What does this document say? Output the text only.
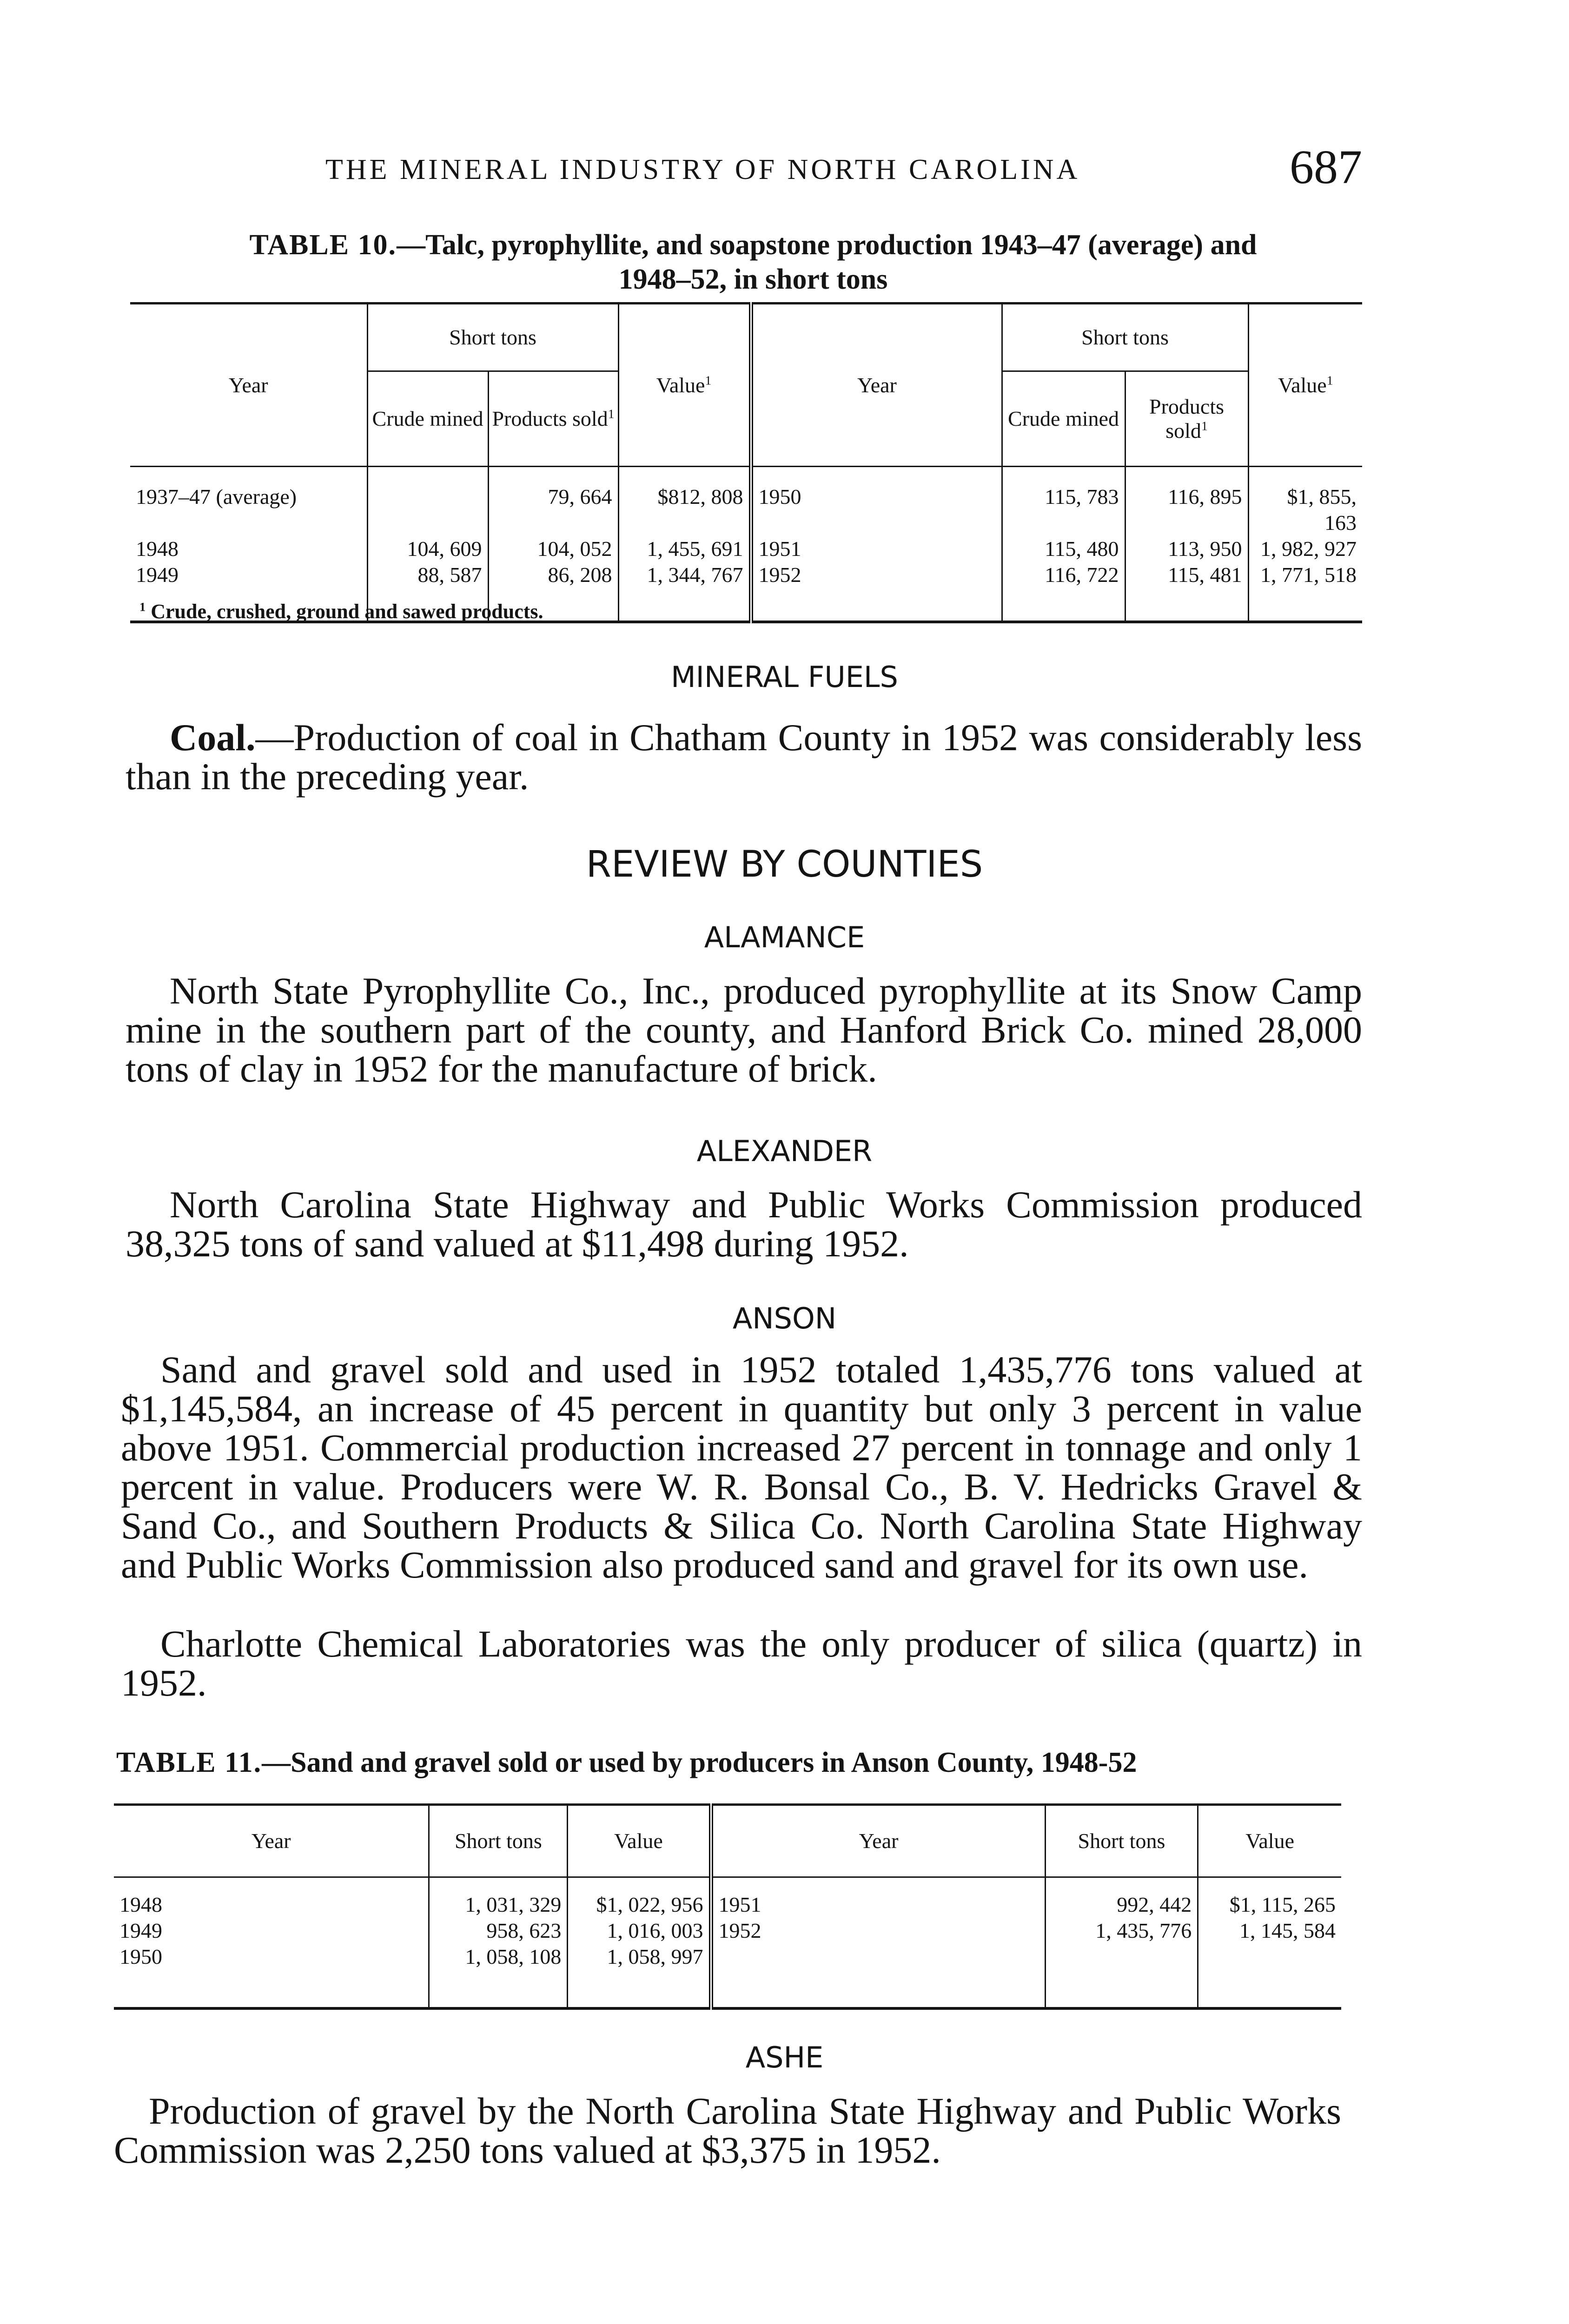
THE MINERAL INDUSTRY OF NORTH CAROLINA	687
TABLE 10.—Talc, pyrophyllite, and soapstone production 1943–47 (average) and
1948–52, in short tons
Year	Short tons		Value$^1$	Year	Short tons		Value$^1$
	Crude mined	Products sold$^1$			Crude mined	Products sold$^1$
1937–47 (average)		79, 664	$812, 808	1950	115, 783	116, 895	$1, 855, 163
1948	104, 609	104, 052	1, 455, 691	1951	115, 480	113, 950	1, 982, 927
1949	88, 587	86, 208	1, 344, 767	1952	116, 722	115, 481	1, 771, 518
$^1$ Crude, crushed, ground and sawed products.
MINERAL FUELS
Coal.—Production of coal in Chatham County in 1952 was considerably less than in the preceding year.
REVIEW BY COUNTIES
ALAMANCE
North State Pyrophyllite Co., Inc., produced pyrophyllite at its Snow Camp mine in the southern part of the county, and Hanford Brick Co. mined 28,000 tons of clay in 1952 for the manufacture of brick.
ALEXANDER
North Carolina State Highway and Public Works Commission produced 38,325 tons of sand valued at $11,498 during 1952.
ANSON
Sand and gravel sold and used in 1952 totaled 1,435,776 tons valued at $1,145,584, an increase of 45 percent in quantity but only 3 percent in value above 1951. Commercial production increased 27 percent in tonnage and only 1 percent in value. Producers were W. R. Bonsal Co., B. V. Hedricks Gravel & Sand Co., and Southern Products & Silica Co. North Carolina State Highway and Public Works Commission also produced sand and gravel for its own use.
Charlotte Chemical Laboratories was the only producer of silica (quartz) in 1952.
TABLE 11.—Sand and gravel sold or used by producers in Anson County, 1948-52
Year	Short tons	Value	Year	Short tons	Value
1948	1, 031, 329	$1, 022, 956	1951	992, 442	$1, 115, 265
1949	958, 623	1, 016, 003	1952	1, 435, 776	1, 145, 584
1950	1, 058, 108	1, 058, 997			
ASHE
Production of gravel by the North Carolina State Highway and Public Works Commission was 2,250 tons valued at $3,375 in 1952.
